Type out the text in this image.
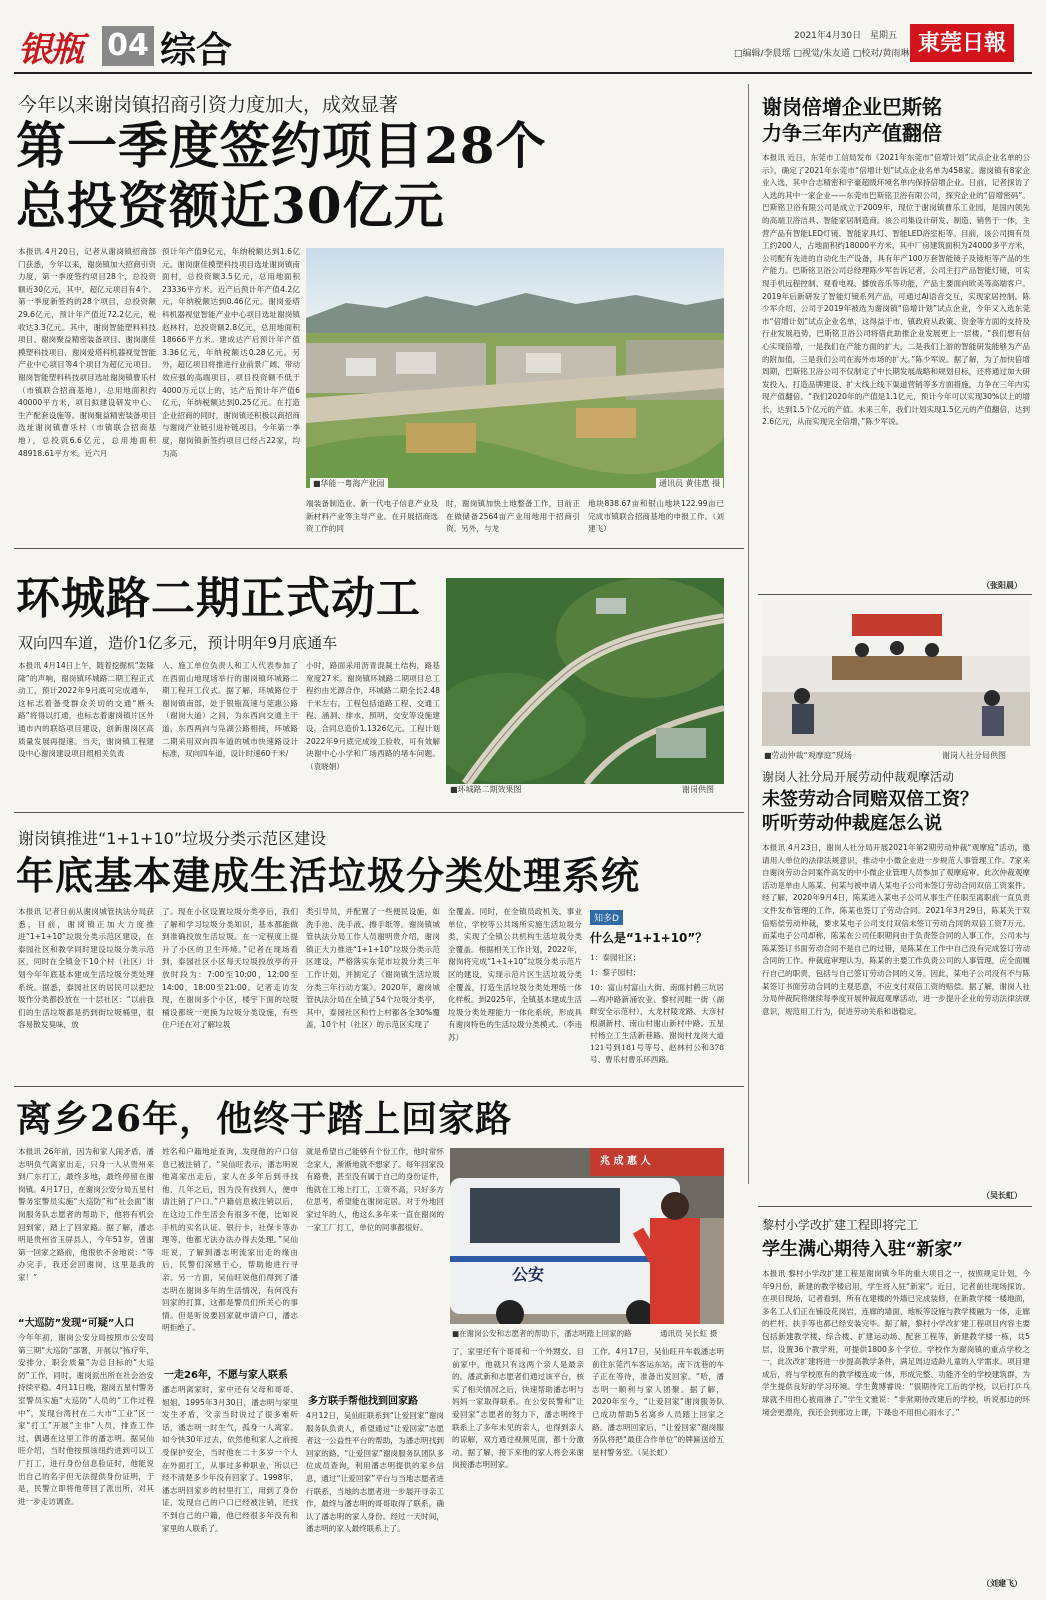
银瓶 04 综合	2021年4月30日 星期五
□编辑/李晨瑶 □视觉/朱友道 □校对/黄雨琳 東莞日報
今年以来谢岗镇招商引资力度加大，成效显著
第一季度签约项目28个
总投资额近30亿元
本报讯 4月20日，记者从谢岗镇招商部门获悉，今年以来，谢岗镇加大招商引资力度，第一季度签约项目28个，总投资额近30亿元，其中，超亿元项目有4个。第一季度新签约的28个项目，总投资额29.6亿元，预计年产值近72.2亿元，税收达3.3亿元。其中，谢岗智能塑料科技项目、谢岗聚益精密装备项目、谢岗康佳模塑科技项目、谢岗爱塔科机器视觉智能产业中心项目等4个项目为超亿元项目。谢岗智能塑料科技项目选址谢岗镇曹乐村（市镇联合招商基地），总用地面积约40000平方米，项目拟建设研发中心、生产配套设施等。谢岗聚益精密装备项目选址谢岗镇曹乐村（市镇联合招商基地），总投资6.6亿元，总用地面积48918.61平方米。近六月
■华能一粤海产业园	通讯员 黄佳惠 摄
预计年产值9亿元，年纳税额达到1.6亿元。谢岗康佳模塑科技项目选址谢岗镇南面村，总投资额3.5亿元，总用地面积23336平方米。近产后预计年产值4.2亿元，年纳税额达到0.46亿元。谢岗爱塔科机器视觉智能产业中心项目选址谢岗镇赵林村，总投资额2.8亿元，总用地面积18666平方米。建成达产后预计年产值3.36亿元，年纳税额达0.28亿元。另外，超亿项目将推进行业前景广阔、带动效应强的高端项目，项目投资额不低于4000万元以上的，达产后预计年产值6亿元，年纳税额达到0.25亿元。在打造企业招商的同时，谢岗镇还积极以商招商与谢岗产业链引进补链项目，今年第一季度，谢岗镇新签约项目已经占22家，均为高
端装备制造业、新一代电子信息产业及新材料产业等主导产业。在开展招商选资工作的同
时，谢岗镇加快土地整备工作，目前正在做储备2564亩产业用地用于招商引资。另外，与龙
地块838.67亩和银山地块122.99亩已完成市镇联合招商基地的申报工作。（刘建飞）
环城路二期正式动工
双向四车道，造价1亿多元，预计明年9月底通车
■环城路二期效果图	谢岗供图
本报讯 4月14日上午，随着挖掘机“轰隆隆”的声响，谢岗镇环城路二期工程正式动工，预计2022年9月底可完成通车，这标志着备受群众关切的交通“断头路”将得以打通，也标志着谢岗镇片区外通市内的联络项目建设，创新谢岗区高质量发展再提速。当天，谢岗镇工程建设中心谢岗建设项目组相关负责
人、施工单位负责人和工人代表参加了在西面山地现场举行的谢岗镇环城路二期工程开工仪式。据了解，环城路位于谢岗镇南部，处于银瓶高速与莞惠公路（谢岗大道）之间，为东西向交通主干道，东西两向与凫湖公路相接，环城路二期采用双向四车道的城市快速路设计标准，双向四车道，设计时速60千米/
小时，路面采用沥青混凝土结构，路基宽度27米。谢岗镇环城路二期项目总工程约由光源合作，环城路二期全长2.48千米左右，工程包括道路工程、交通工程、涵洞、排水、照明、交安等设施建设，合同总造价1.1326亿元。工程计划2022年9月底完成竣工验收，可有效解决谢中心小学和广场西路的堵车问题。（袁晓娟）
谢岗镇推进“1+1+10”垃圾分类示范区建设
年底基本建成生活垃圾分类处理系统
本报讯 记者日前从谢岗城管执法分局获悉，目前，谢岗镇正加大力度推进“1+1+10”垃圾分类示范区建设，在泰园社区和教学同时建设垃圾分类示范区，同时在全镇金下10个村（社区）计划今年年底基本建成生活垃圾分类处理系统。据悉，泰园社区的居民可以把垃圾作分类都投放在一十层社区：“以前我们的生活垃圾都是扔到街垃圾桶里，很容易散发臭味，放
了。现在小区设置垃圾分类亭后，我们了解和学习垃圾分类知识，基本都能做到准确投放生活垃圾。在一定程度上提升了小区的卫生环境。”记者在现场看到，泰园社区小区每天垃圾投放亭的开放时段为：7:00至10:00，12:00至14:00，18:00至21:00。记者走访发现，在谢岗多个小区，楼宇下面的垃圾桶设都统一更换为垃圾分类设施，有些住户还在对了解垃圾
类引导员，并配置了一些便民设施，如洗手池、洗手液、擦手纸等。谢岗镇城管执法分局工作人员谢明贵介绍，谢岗镇正大力推进“1+1+10”垃圾分类示范区建设，严格落实东莞市垃圾分类三年工作计划，并制定了《谢岗镇生活垃圾分类三年行动方案》。2020年，谢岗城管执法分局在全镇了54个垃圾分类亭，其中，泰园社区和竹上村都各全30%覆盖，10个村（社区）的示范区实现了
全覆盖。同时，在全镇员政机关、事业单位、学校等公共场所实施生活垃圾分类，实现了全镇公共机构生活垃圾分类全覆盖。根据相关工作计划，2022年，谢岗将完成“1+1+10”垃圾分类示范片区的建设，实现示范片区生活垃圾分类全覆盖，打造生活垃圾分类处理统一体化样板。到2025年，全镇基本建成生活垃圾分类处理能力一体化系统，形成具有谢岗特色的生活垃圾分类模式。（李违苏）
知多D
什么是“1+1+10”？

1：泰园社区；

1：黎子园村；

10：富山村富山大街、南面村鹤三坑居—鸡冲路新涌农业、黎村河畦一街（湖畔安全示范村）、大龙村陵龙路、大彦村根湖新村、南山村谢山新村中路、五星村杨立工生活新巷路、谢岗村龙岗大道121号到181号等号、赵林村公和378号、曹乐村曹乐环西路。

离乡26年，他终于踏上回家路
本报讯 26年前，因为和家人闹矛盾，潘志明负气离家出走，只身一人从贵州来到广东打工，最终多地，最终停留在谢岗镇。4月17日，在谢岗公安分局五星村警务室警员实施“大巡防”和“社会面”谢岗服务队志愿者的帮助下，他将有机会回到家，踏上了回家路。据了解，潘志明是贵州省玉屏县人，今年51岁，曾谢第一回家之路前，他很依不舍地说：“等办完手，我还会回谢岗，这里是我的家！”
“大巡防”发现“可疑”人口
今年年初，谢岗公安分局按照市公安局第三期“大巡防”部署，开展以“拣疗年，安排分，职会质量”为总目标的“大巡防”工作，同时，谢岗派出所在社会治安持续平稳。4月11日晚，谢岗五星村警务室警员实施“大巡防”人员的“工作过程中”，发现台湾村在二大市“工业”区一家“打工”开展“主非”人员，排查工作过，偶遇在这里工作的潘志明。据吴仙旺介绍，当时他按照该纽约进到可以工厂打工，进行身份信息验证时，他能说出自己的名字但无法提供身份证明，于是，民警立即将他带回了派出所，对其进一步走访调查。
姓名和户籍地址查询，发现他的户口信息已被注销了。“吴仙旺表示，潘志明说他离家出走后，家人在多年后到寻找他，几年之后，因为没有找到人，便申请注销了户口。”户籍信息被注销以后，在这边工作生活会有很多不便，比如说手机的实名认证、银行卡，社保卡等办理等，他都无法办法办得去处理。”吴仙旺说，了解到潘志明流家出走的缘由后，民警们深感于心，帮助他进行寻亲。另一方面，吴仙旺说他们得到了潘志明在谢岗多年的生活情况，有何没有回家的打算，这都是警员们所关心的事情。但是听说要回家就申请户口，潘志明拒绝了。
一走26年，不愿与家人联系
潘志明离家时，家中还有父母和哥哥、姐姐。1995年3月30日，潘志明与家里发生矛盾，父亲当时说过了很多难听话，潘志明一时生气，孤身一人离家。如今快30年过去，依然他和家人之前接受保护安全，当时他在二十多岁一个人在外面打工，从事过多种职业，所以已经不清楚多少年没有回家了。1998年，潘志明回家乡的村里打工，用到了身份证，发现自己的户口已经被注销，还找不到自己的户籍，他已经很多年没有和家里的人联系了。
就是希望自己能够有个份工作，他时常怀念家人，渐渐地就不想家了。每年回家没有路费，甚至没有属于自己的身份证件，他就在工地上打工，工资不高，只好多方位思考，希望能在谢岗定居。对于外地回家过年的人，他这么多年来一直在谢岗的一家工厂打工，单位的同事都很好。
多方联手帮他找到回家路
4月12日，吴仙旺联系到“让爱回家”谢岗服务队负责人，希望通过“让爱回家”志愿者这一公益性平台的帮助，为潘志明找到回家的路。“让爱回家”谢岗服务队团队多位成员查询，利用潘志明提供的家乡信息，通过“让爱回家”平台与当地志愿者进行联系，当地的志愿者进一步展开寻亲工作，最终与潘志明的哥哥取得了联系，确认了潘志明的家人身份。经过一天时间，潘志明的家人最终联系上了。
公安
兆 成 惠 人
■在谢岗公安和志愿者的帮助下，潘志明踏上回家的路	通讯员 吴长虹 摄
了，家里还有个哥哥和一个外甥女。目前家中，他就只有这两个亲人是最亲的。潘武新和志愿者们通过该平台，核实了相关情况之后，快速帮助潘志明与妈妈一家取得联系。在公安民警和“让爱回家”志愿者的努力下，潘志明终于联系上了多年未见的亲人，也得到亲人的谅解，双方通过视频见面，都十分激动。据了解，接下来他的家人将会来谢岗接潘志明回家。
工作。4月17日，吴仙旺开车载潘志明前往东莞汽车客运东站，南下沈巷的车子正在等待，准备出发回家。“哈，潘志明一顺利与家人团聚。据了解，2020年至今，“让爱回家”谢岗服务队已成功帮助5名离乡人员踏上回家之路。潘志明回家后，“让爱回家”谢岗服务队将把“最佳合作单位”的牌匾送给五星村警务室。（吴长虹）
谢岗倍增企业巴斯铭
力争三年内产值翻倍
本报讯 近日，东莞市工信局发布《2021年东莞市“倍增计划”试点企业名单的公示》，确定了2021年东莞市“倍增计划”试点企业名单为458家。谢岗镇有8家企业入选，其中合志精密和宇豪超级环境名单内保持倍增企业。日前，记者探访了入选的其中一家企业——东莞市巴斯铭卫浴有限公司，探究企业的“倍增密码”。巴斯铭卫浴有限公司是成立于2009年，现位于谢岗镇曹乐工业园，是国内领先的高端卫浴洁具、智能家居制造商。该公司集设计研发、制造、销售于一体，主营产品有智能LED灯镜、智能家具灯、智能LED浴室柜等。目前，该公司拥有员工约200人，占地面积约18000平方米，其中厂房建筑面积为24000多平方米，公司配有先进的自动化生产设备，具有年产100万套智能镜子及镜柜等产品的生产能力。巴斯铭卫浴公司总经理陈少军告诉记者，公司主打产品智能灯镜，可实现手机远程控制、观看电视、播放音乐等功能，产品主要面向欧美等高端客户。2019年后新研发了智能灯镜系列产品，可通过AI语音交互，实现家居控制。陈少军介绍，公司于2019年被选为谢岗镇“倍增计划”试点企业，今年又入选东莞市“倍增计划”试点企业名单，这得益于市、镇政府从政策、资金等方面的支持及行业发展趋势，巴斯铭卫浴公司将借此助推企业发展更上一层楼。“我们想有信心实现倍增，一是我们在产能方面的扩大，二是我们上游的智能研发能够为产品的附加值，三是我们公司在海外市场的扩大。”陈少军说。据了解，为了加快倍增周期，巴斯铭卫浴公司不仅制定了中长期发展战略和规划目标，还将通过加大研发投入、打造品牌建设、扩大线上线下渠道营销等多方面措施，力争在三年内实现产值翻倍。“我们2020年的产值是1.1亿元，预计今年可以实现30%以上的增长，达到1.5个亿元的产值。未来三年，我们计划实现1.5亿元的产值翻倍，达到2.6亿元，从而实现完全倍增，”陈少军说。
（张阳晨）
■劳动仲裁“观摩庭”现场	谢岗人社分局供图
谢岗人社分局开展劳动仲裁观摩活动
未签劳动合同赔双倍工资？
听听劳动仲裁庭怎么说
本报讯 4月23日，谢岗人社分局开展2021年第2期劳动仲裁“观摩庭”活动，邀请用人单位的法律法规意识，推动中小微企业进一步规范人事管理工作。7家来自谢岗劳动合同案件高发的中小微企业管理人员参加了观摩庭审。此次仲裁观摩活动是单由人陈某、何某与被申请人某电子公司未签订劳动合同双倍工资案件。经了解，2020年9月4日，陈某进入某电子公司从事生产任职至离职前一直负责文件发布管理的工作，陈某也签订了劳动合同。2021年3月29日，陈某关于双倍赔偿劳动仲裁，要求某电子公司支付双倍未签订劳动合同的双倍工资7万元。而某电子公司却称，陈某在公司任职期间由于负责签合同的人事工作，公司未与陈某签订书面劳动合同不是自己的过错，是陈某在工作中自己没有完成签订劳动合同的工作。仲裁庭审理认为，陈某的主要工作负责公司的人事管理，应全面履行自己的职责，包括与自己签订劳动合同的义务。因此，某电子公司没有不与陈某签订书面劳动合同的主观恶意，不应支付双倍工资的赔偿。据了解，谢岗人社分局仲裁院将继续每季度开展仲裁庭观摩活动，进一步提升企业的劳动法律法规意识，规范用工行为，促进劳动关系和谐稳定。
（吴长虹）
黎村小学改扩建工程即将完工
学生满心期待入驻“新家”
本报讯 黎村小学改扩建工程是谢岗镇今年的重大项目之一，按照规定计划，今年9月份，新建的教学楼启用，学生将入驻“新家”。近日，记者前往现场探访。在项目现场，记者看到，所有在建楼的外墙已完成装修，在新教学楼一楼地面，多名工人们正在铺设花岗岩，连廊的墙面、地板等设施与教学楼融为一体，走廊的栏杆、扶手等也都已经安装完毕。据了解，黎村小学改扩建工程项目内容主要包括新建教学楼、综合楼、扩建运动场、配套工程等，新建教学楼一栋，共5层，设置36个教学班，可提供1800多个学位。学校作为谢岗镇的重点学校之一，此次改扩建将进一步提高教学条件，满足周边适龄儿童的入学需求。项目建成后，将与学校原有的教学楼连成一体，形成完整、功能齐全的学校建筑群，为学生提供良好的学习环境。学生黄博睿说：“很期待完工后的学校，以后打乒乓球就不用担心被雨淋了。”学生文雅说：“非常期待改建后的学校，听说那边的环境会更漂亮，我还会到那边上课，下课也不用担心雨水了。”
（刘建飞）
